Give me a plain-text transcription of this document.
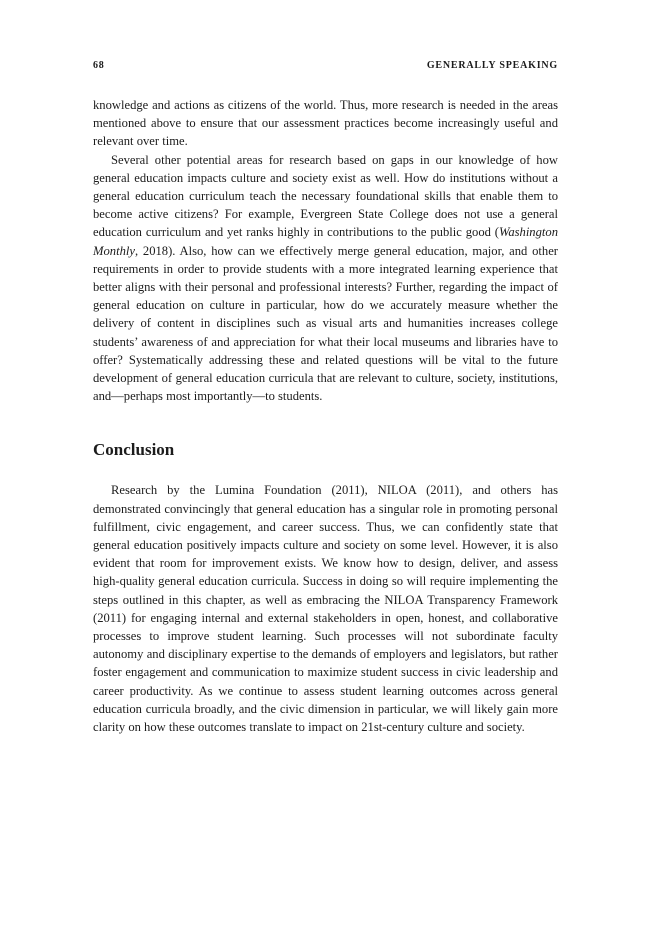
68	GENERALLY SPEAKING

knowledge and actions as citizens of the world. Thus, more research is needed in the areas mentioned above to ensure that our assessment practices become increasingly useful and relevant over time.

Several other potential areas for research based on gaps in our knowledge of how general education impacts culture and society exist as well. How do institutions without a general education curriculum teach the necessary foundational skills that enable them to become active citizens? For example, Evergreen State College does not use a general education curriculum and yet ranks highly in contributions to the public good (Washington Monthly, 2018). Also, how can we effectively merge general education, major, and other requirements in order to provide students with a more integrated learning experience that better aligns with their personal and professional interests? Further, regarding the impact of general education on culture in particular, how do we accurately measure whether the delivery of content in disciplines such as visual arts and humanities increases college students’ awareness of and appreciation for what their local museums and libraries have to offer? Systematically addressing these and related questions will be vital to the future development of general education curricula that are relevant to culture, society, institutions, and—perhaps most importantly—to students.

Conclusion

Research by the Lumina Foundation (2011), NILOA (2011), and others has demonstrated convincingly that general education has a singular role in promoting personal fulfillment, civic engagement, and career success. Thus, we can confidently state that general education positively impacts culture and society on some level. However, it is also evident that room for improvement exists. We know how to design, deliver, and assess high-quality general education curricula. Success in doing so will require implementing the steps outlined in this chapter, as well as embracing the NILOA Transparency Framework (2011) for engaging internal and external stakeholders in open, honest, and collaborative processes to improve student learning. Such processes will not subordinate faculty autonomy and disciplinary expertise to the demands of employers and legislators, but rather foster engagement and communication to maximize student success in civic leadership and career productivity. As we continue to assess student learning outcomes across general education curricula broadly, and the civic dimension in particular, we will likely gain more clarity on how these outcomes translate to impact on 21st-century culture and society.
